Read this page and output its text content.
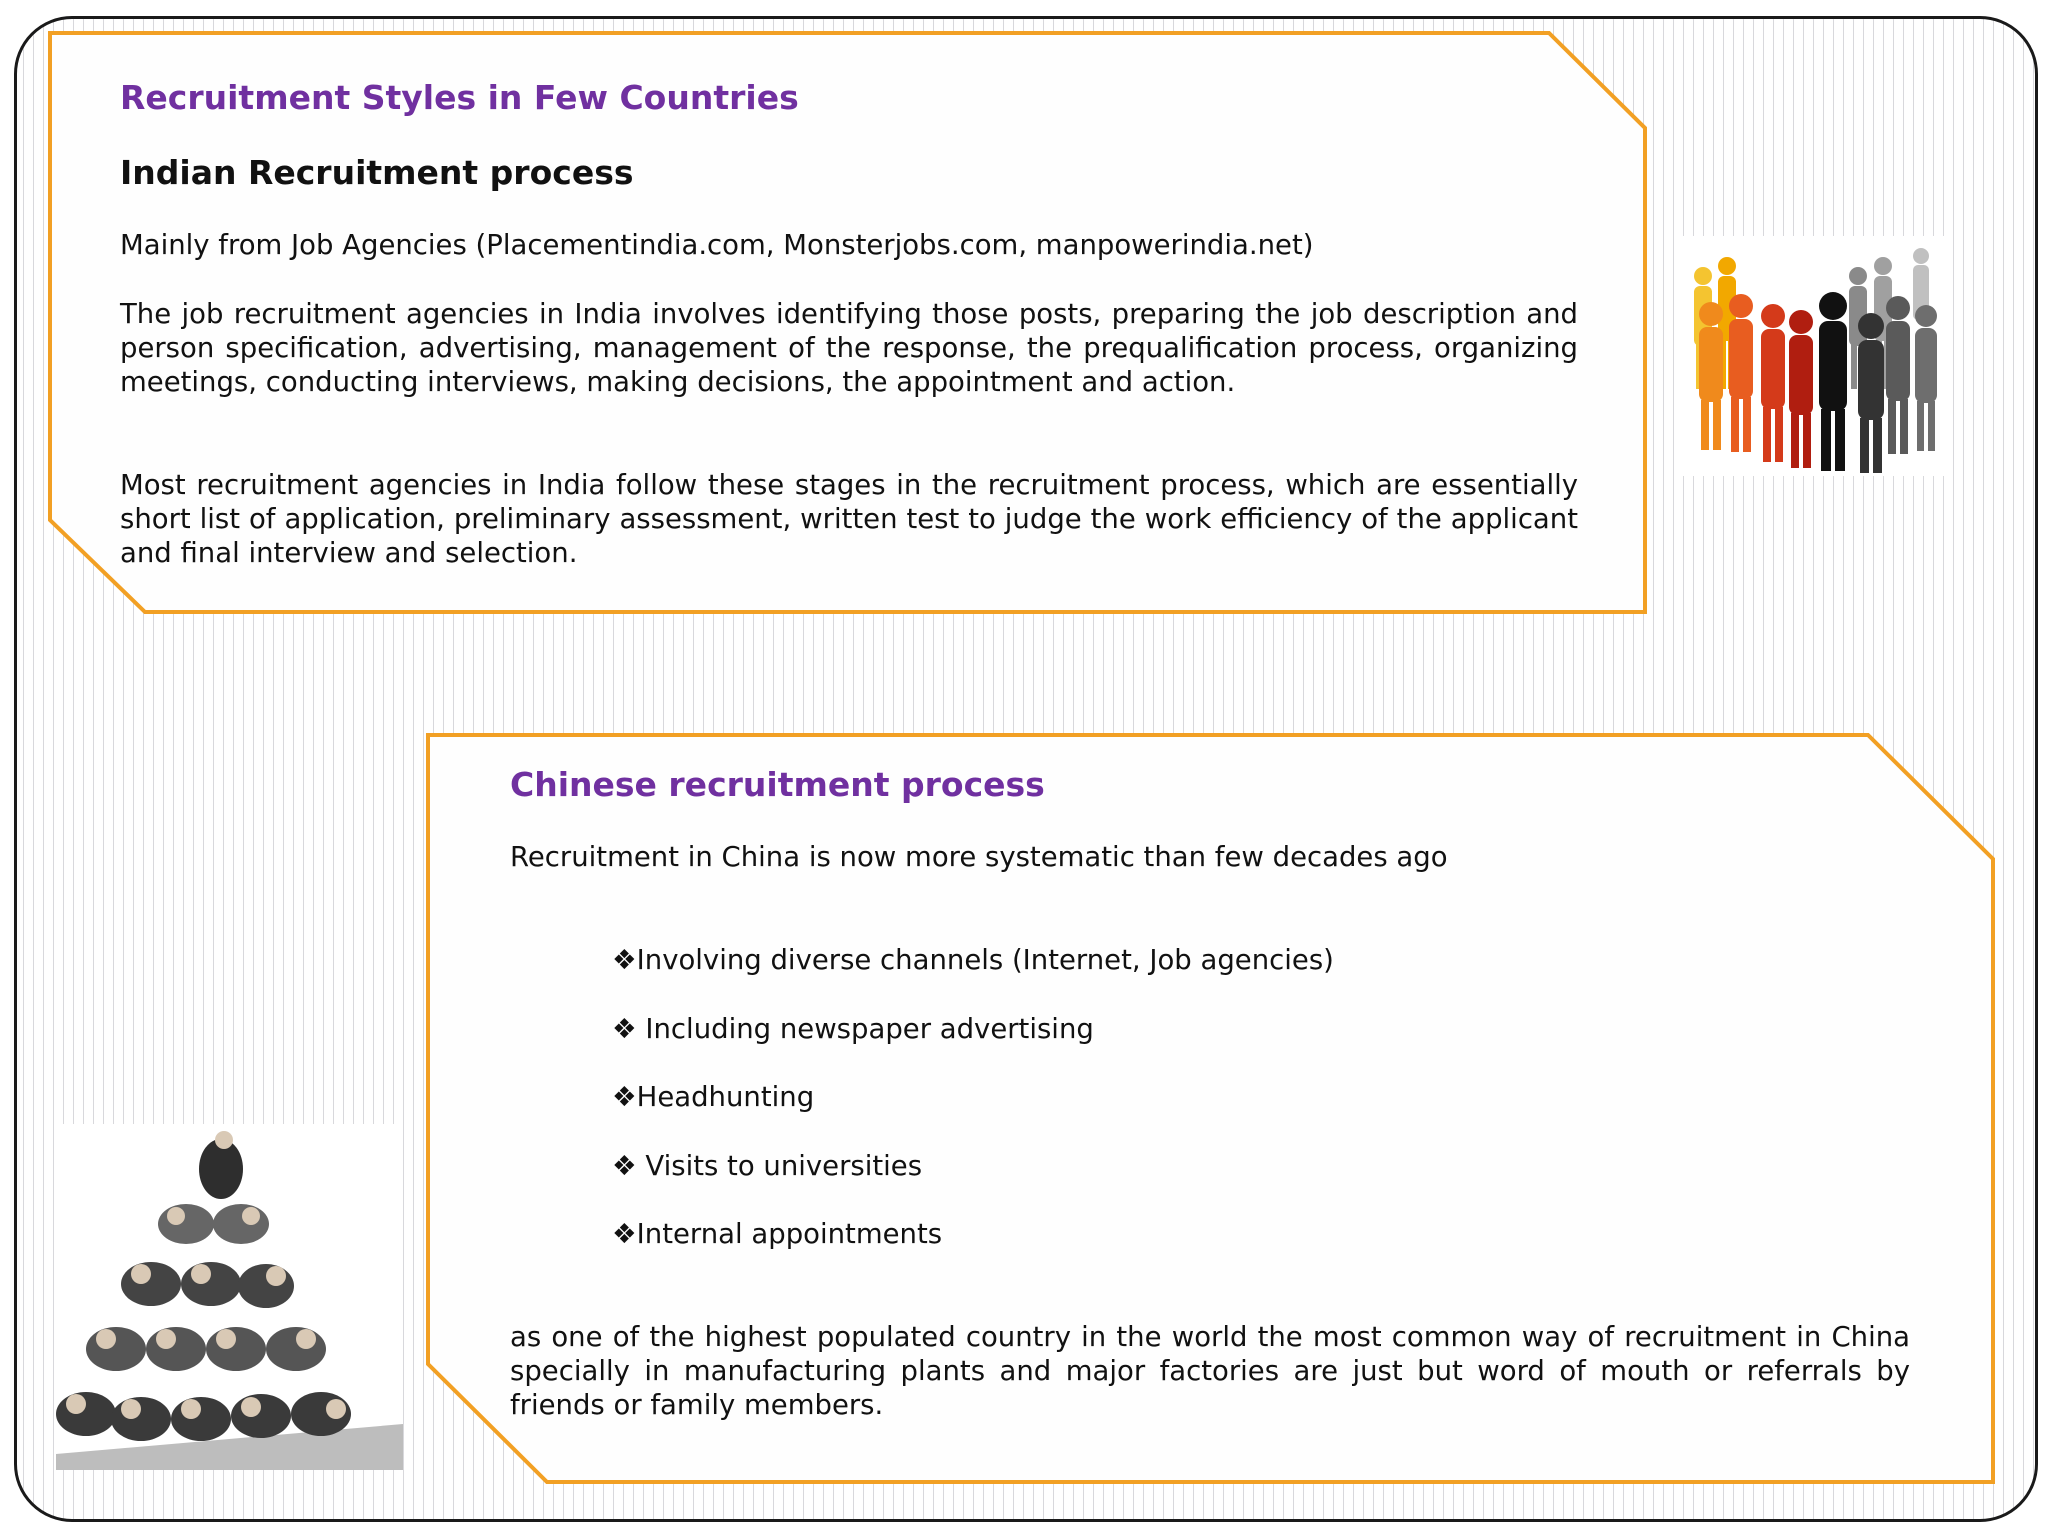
Recruitment Styles in Few Countries
Indian Recruitment process
Mainly from Job Agencies (Placementindia.com, Monsterjobs.com, manpowerindia.net)
The job recruitment agencies in India involves identifying those posts, preparing the job description and person specification, advertising, management of the response, the prequalification process, organizing meetings, conducting interviews, making decisions, the appointment and action.
Most recruitment agencies in India follow these stages in the recruitment process, which are essentially short list of application, preliminary assessment, written test to judge the work efficiency of the applicant and final interview and selection.
Chinese recruitment process
Recruitment in China is now more systematic than few decades ago
❖Involving diverse channels (Internet, Job agencies)
❖ Including newspaper advertising
❖Headhunting
❖ Visits to universities
❖Internal appointments
as one of the highest populated country in the world the most common way of recruitment in China specially in manufacturing plants and major factories are just but word of mouth or referrals by friends or family members.
